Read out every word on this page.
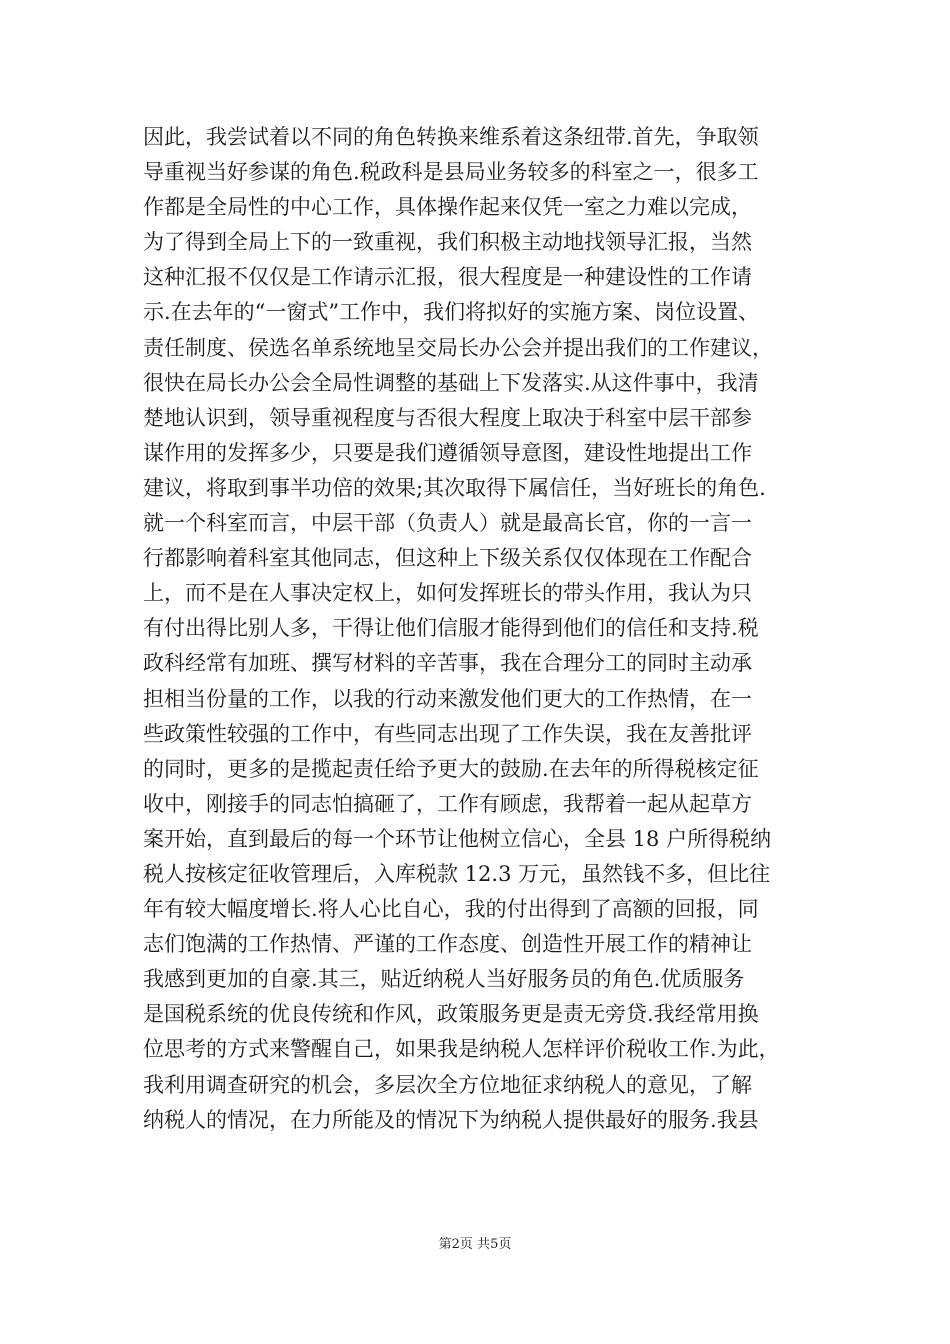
因此，我尝试着以不同的角色转换来维系着这条纽带.首先，争取领
导重视当好参谋的角色.税政科是县局业务较多的科室之一，很多工
作都是全局性的中心工作，具体操作起来仅凭一室之力难以完成，
为了得到全局上下的一致重视，我们积极主动地找领导汇报，当然
这种汇报不仅仅是工作请示汇报，很大程度是一种建设性的工作请
示.在去年的“一窗式”工作中，我们将拟好的实施方案、岗位设置、
责任制度、侯选名单系统地呈交局长办公会并提出我们的工作建议，
很快在局长办公会全局性调整的基础上下发落实.从这件事中，我清
楚地认识到，领导重视程度与否很大程度上取决于科室中层干部参
谋作用的发挥多少，只要是我们遵循领导意图，建设性地提出工作
建议，将取到事半功倍的效果;其次取得下属信任，当好班长的角色.
就一个科室而言，中层干部（负责人）就是最高长官，你的一言一
行都影响着科室其他同志，但这种上下级关系仅仅体现在工作配合
上，而不是在人事决定权上，如何发挥班长的带头作用，我认为只
有付出得比别人多，干得让他们信服才能得到他们的信任和支持.税
政科经常有加班、撰写材料的辛苦事，我在合理分工的同时主动承
担相当份量的工作，以我的行动来激发他们更大的工作热情，在一
些政策性较强的工作中，有些同志出现了工作失误，我在友善批评
的同时，更多的是揽起责任给予更大的鼓励.在去年的所得税核定征
收中，刚接手的同志怕搞砸了，工作有顾虑，我帮着一起从起草方
案开始，直到最后的每一个环节让他树立信心，全县 18 户所得税纳
税人按核定征收管理后，入库税款 12.3 万元，虽然钱不多，但比往
年有较大幅度增长.将人心比自心，我的付出得到了高额的回报，同
志们饱满的工作热情、严谨的工作态度、创造性开展工作的精神让
我感到更加的自豪.其三，贴近纳税人当好服务员的角色.优质服务
是国税系统的优良传统和作风，政策服务更是责无旁贷.我经常用换
位思考的方式来警醒自己，如果我是纳税人怎样评价税收工作.为此，
我利用调查研究的机会，多层次全方位地征求纳税人的意见，了解
纳税人的情况，在力所能及的情况下为纳税人提供最好的服务.我县
第2页 共5页
